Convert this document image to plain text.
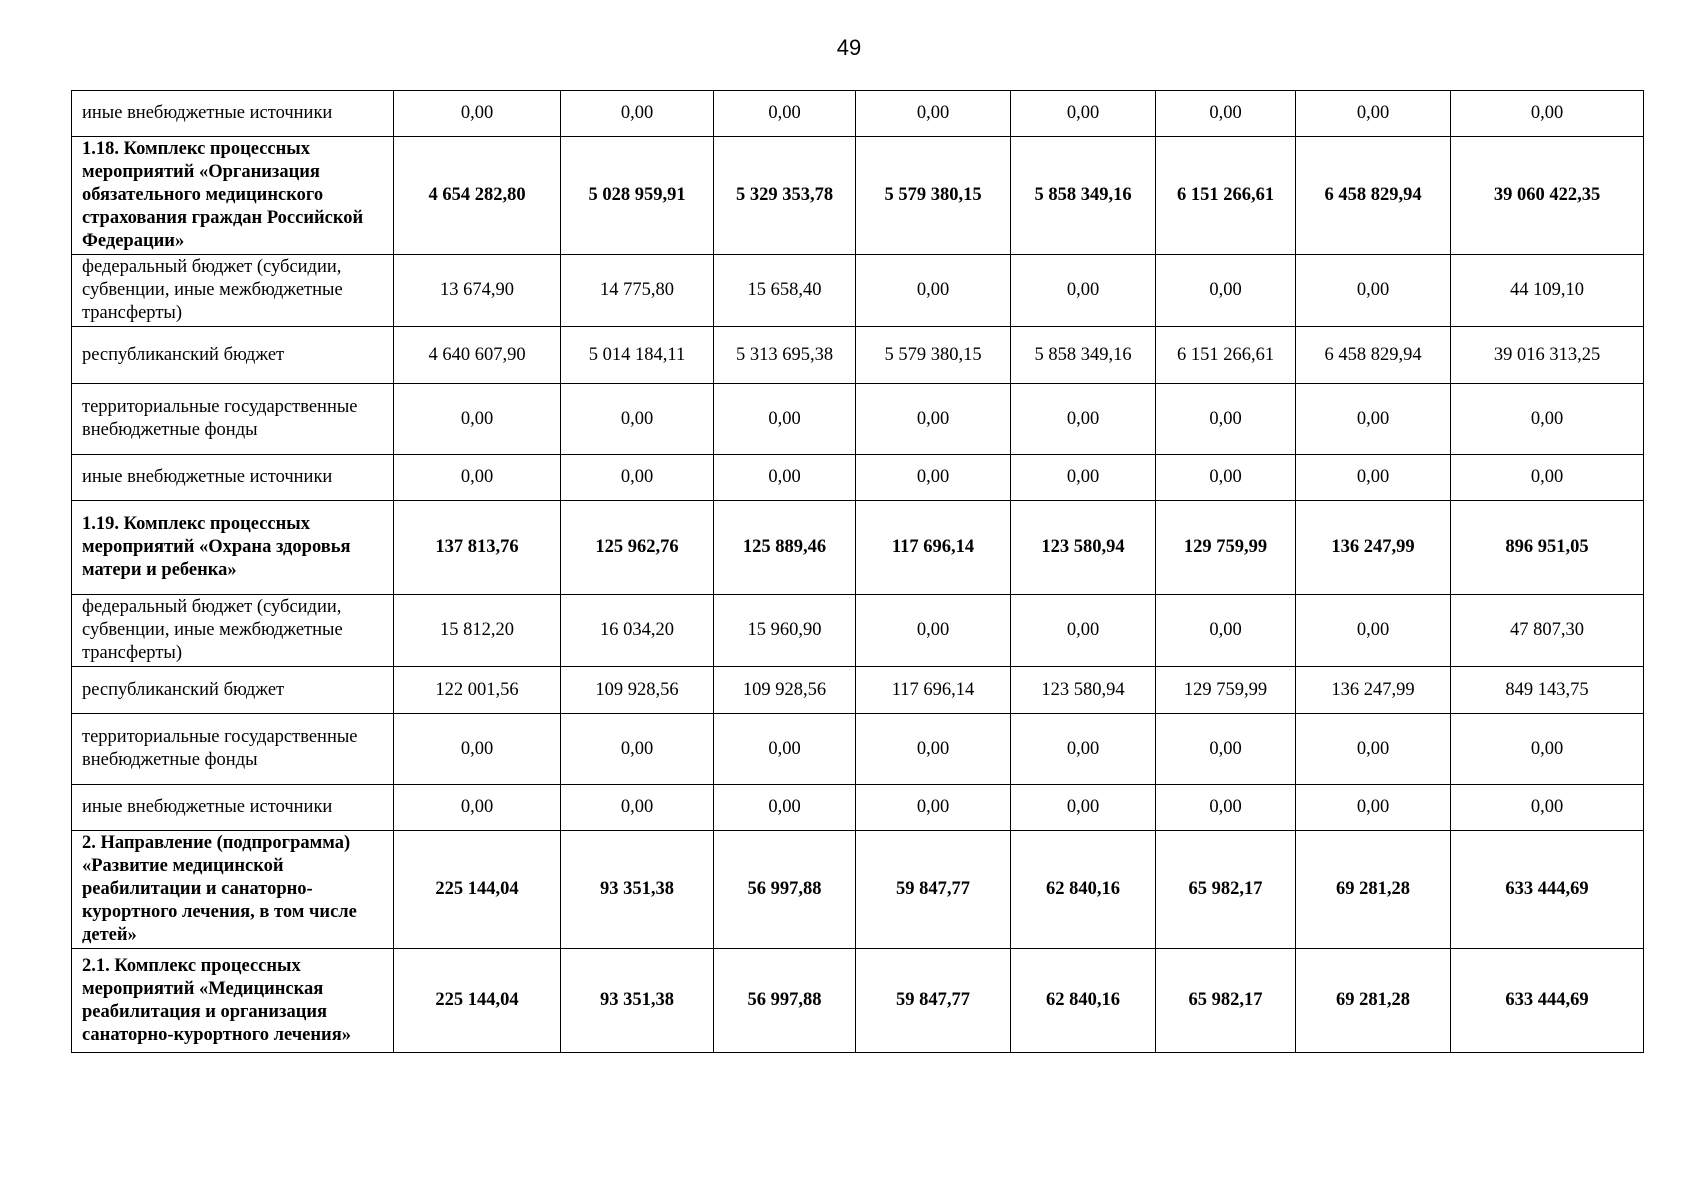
49
иные внебюджетные источники	0,00	0,00	0,00	0,00	0,00	0,00	0,00	0,00
1.18. Комплекс процессных мероприятий «Организация обязательного медицинского страхования граждан Российской Федерации»	4 654 282,80	5 028 959,91	5 329 353,78	5 579 380,15	5 858 349,16	6 151 266,61	6 458 829,94	39 060 422,35
федеральный бюджет (субсидии, субвенции, иные межбюджетные трансферты)	13 674,90	14 775,80	15 658,40	0,00	0,00	0,00	0,00	44 109,10
республиканский бюджет	4 640 607,90	5 014 184,11	5 313 695,38	5 579 380,15	5 858 349,16	6 151 266,61	6 458 829,94	39 016 313,25
территориальные государственные внебюджетные фонды	0,00	0,00	0,00	0,00	0,00	0,00	0,00	0,00
иные внебюджетные источники	0,00	0,00	0,00	0,00	0,00	0,00	0,00	0,00
1.19. Комплекс процессных мероприятий «Охрана здоровья матери и ребенка»	137 813,76	125 962,76	125 889,46	117 696,14	123 580,94	129 759,99	136 247,99	896 951,05
федеральный бюджет (субсидии, субвенции, иные межбюджетные трансферты)	15 812,20	16 034,20	15 960,90	0,00	0,00	0,00	0,00	47 807,30
республиканский бюджет	122 001,56	109 928,56	109 928,56	117 696,14	123 580,94	129 759,99	136 247,99	849 143,75
территориальные государственные внебюджетные фонды	0,00	0,00	0,00	0,00	0,00	0,00	0,00	0,00
иные внебюджетные источники	0,00	0,00	0,00	0,00	0,00	0,00	0,00	0,00
2. Направление (подпрограмма) «Развитие медицинской реабилитации и санаторно-курортного лечения, в том числе детей»	225 144,04	93 351,38	56 997,88	59 847,77	62 840,16	65 982,17	69 281,28	633 444,69
2.1. Комплекс процессных мероприятий «Медицинская реабилитация и организация санаторно-курортного лечения»	225 144,04	93 351,38	56 997,88	59 847,77	62 840,16	65 982,17	69 281,28	633 444,69
